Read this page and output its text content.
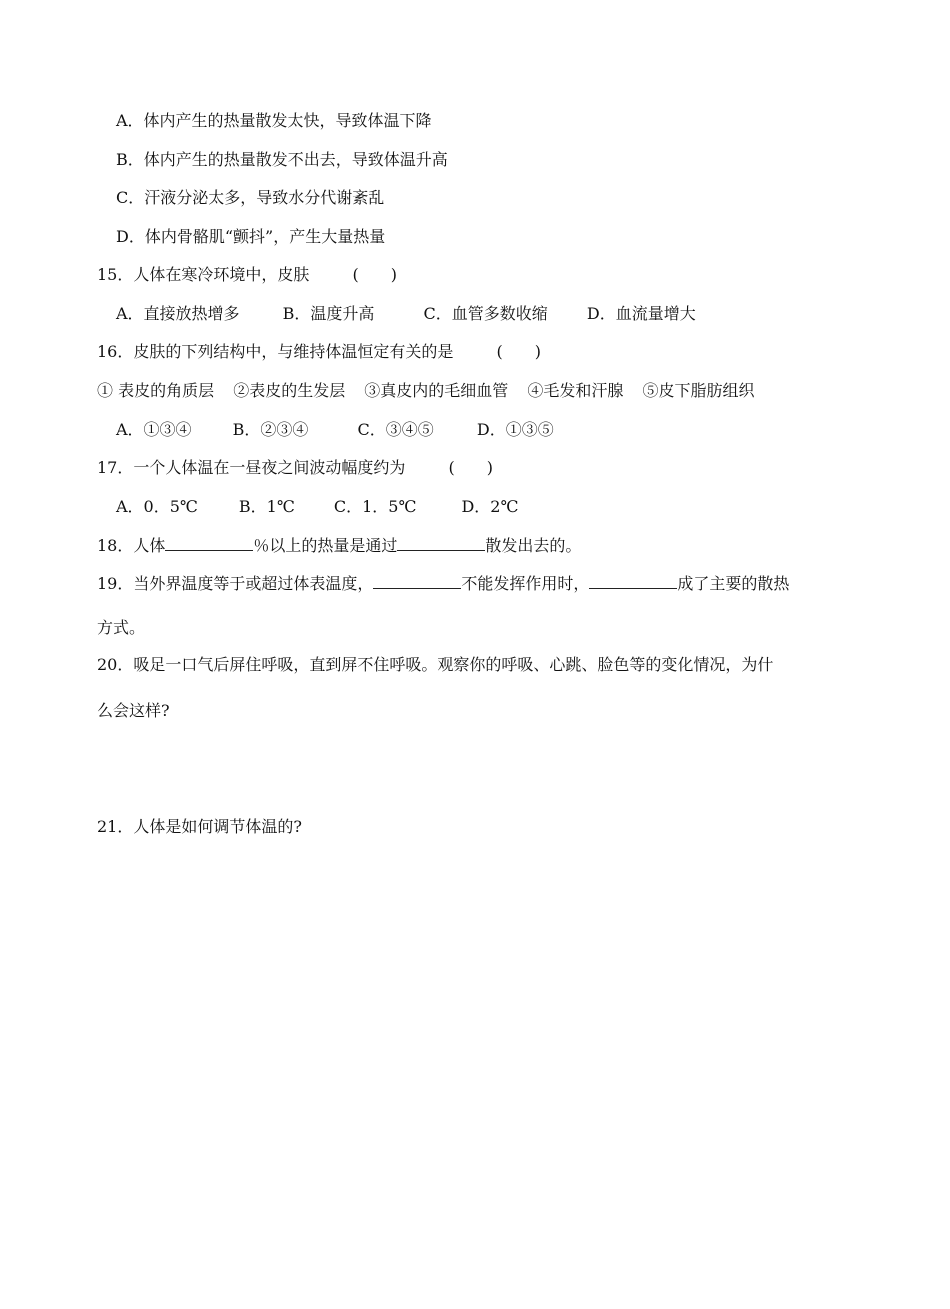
A．体内产生的热量散发太快，导致体温下降
B．体内产生的热量散发不出去，导致体温升高
C．汗液分泌太多，导致水分代谢紊乱
D．体内骨骼肌“颤抖”，产生大量热量
15．人体在寒冷环境中，皮肤	(　　)
A．直接放热增多	B．温度升高	C．血管多数收缩 D．血流量增大
16．皮肤的下列结构中，与维持体温恒定有关的是	(　　)
① 表皮的角质层 ②表皮的生发层 ③真皮内的毛细血管 ④毛发和汗腺 ⑤皮下脂肪组织
A．①③④	B．②③④	C．③④⑤	D．①③⑤
17．一个人体温在一昼夜之间波动幅度约为	(　　)
A．0．5℃	B．1℃ C．1．5℃	D．2℃
18．人体	％以上的热量是通过	散发出去的。
19．当外界温度等于或超过体表温度，	不能发挥作用时，	成了主要的散热
方式。
20．吸足一口气后屏住呼吸，直到屏不住呼吸。观察你的呼吸、心跳、脸色等的变化情况，为什
么会这样?
21．人体是如何调节体温的?
